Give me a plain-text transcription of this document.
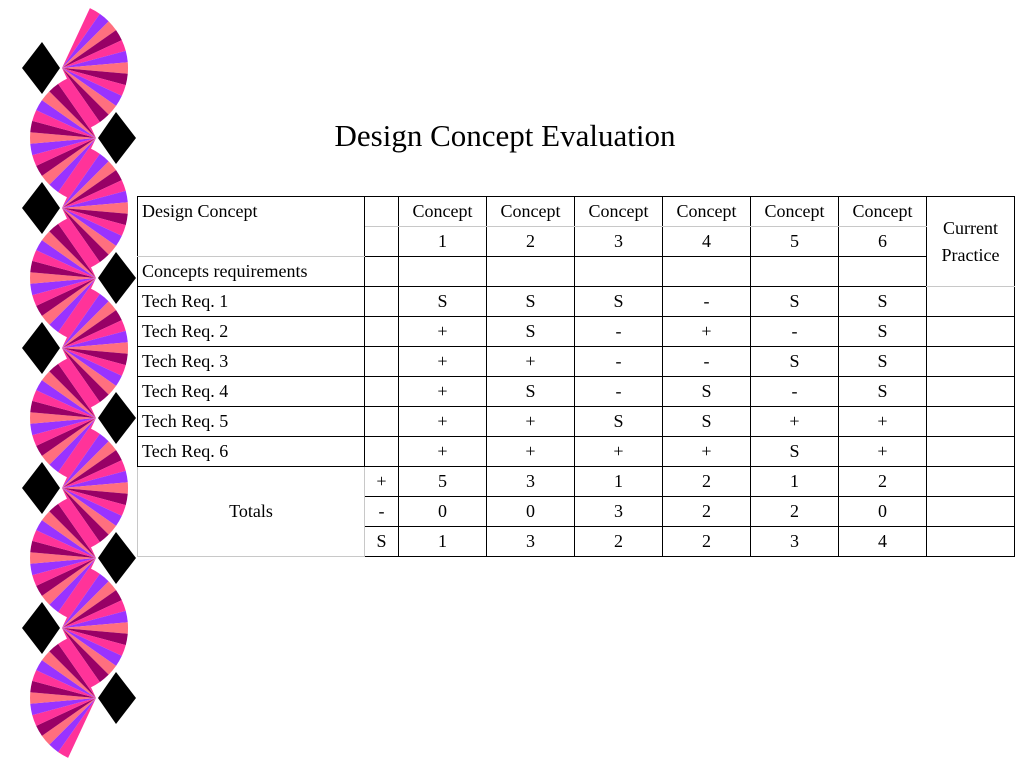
Design Concept Evaluation
Design Concept		Concept	Concept	Concept	Concept	Concept	Concept	Current
Practice

		1	2	3	4	5	6	
Concepts requirements								
Tech Req. 1		S	S	S	-	S	S	
Tech Req. 2		+	S	-	+	-	S	
Tech Req. 3		+	+	-	-	S	S	
Tech Req. 4		+	S	-	S	-	S	
Tech Req. 5		+	+	S	S	+	+	
Tech Req. 6		+	+	+	+	S	+	
Totals	+	5	3	1	2	1	2	
	-	0	0	3	2	2	0	
	S	1	3	2	2	3	4	
